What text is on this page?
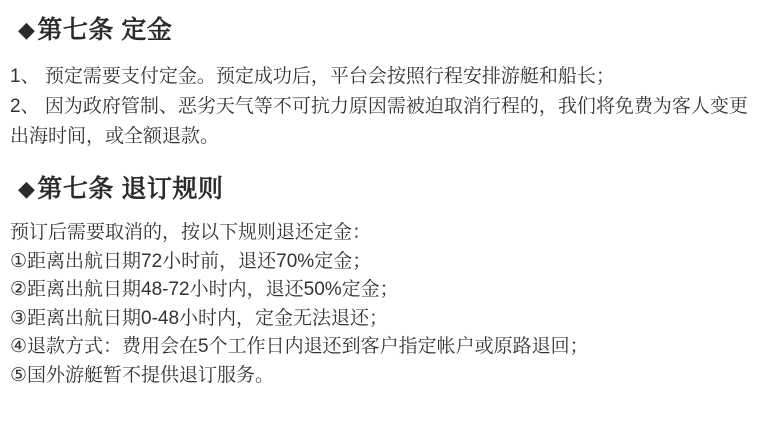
◆ 第七条 定金

1、 预定需要支付定金。预定成功后，平台会按照行程安排游艇和船长；

2、 因为政府管制、恶劣天气等不可抗力原因需被迫取消行程的，我们将免费为客人变更出海时间，或全额退款。

◆ 第七条 退订规则

预订后需要取消的，按以下规则退还定金：

①距离出航日期72小时前，退还70%定金；

②距离出航日期48-72小时内，退还50%定金；

③距离出航日期0-48小时内，定金无法退还；

④退款方式：费用会在5个工作日内退还到客户指定帐户或原路退回；

⑤国外游艇暂不提供退订服务。
